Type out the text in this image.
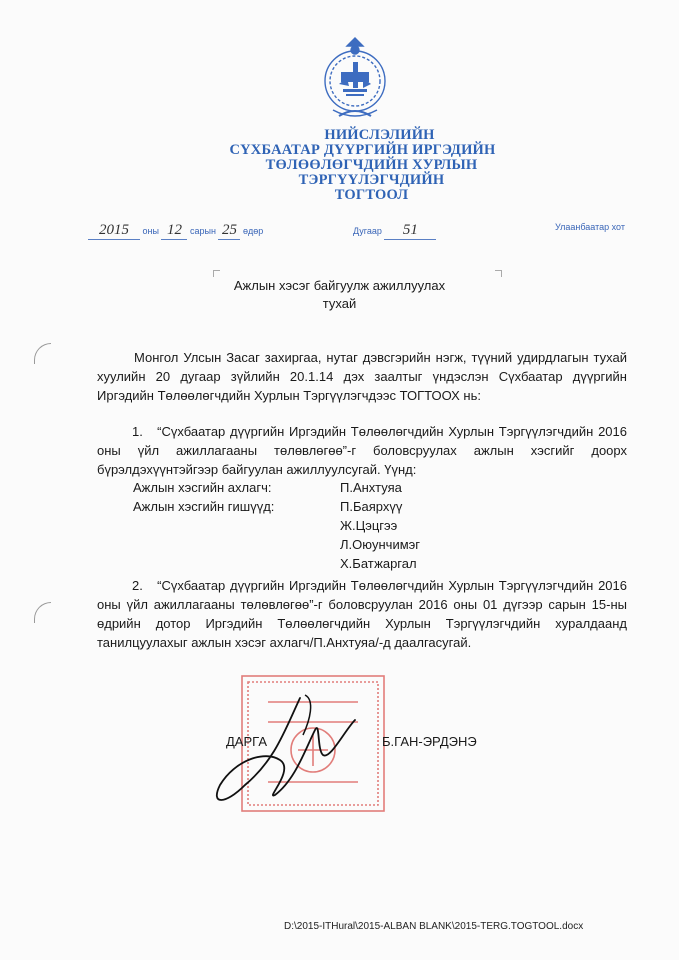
НИЙСЛЭЛИЙН
СҮХБААТАР ДҮҮРГИЙН ИРГЭДИЙН
ТӨЛӨӨЛӨГЧДИЙН ХУРЛЫН
ТЭРГҮҮЛЭГЧДИЙН
ТОГТООЛ
2015 оны 12 сарын 25 өдөр	Дугаар 51	Улаанбаатар хот
Ажлын хэсэг байгуулж ажиллуулах
тухай
Монгол Улсын Засаг захиргаа, нутаг дэвсгэрийн нэгж, түүний удирдлагын тухай хуулийн 20 дугаар зүйлийн 20.1.14 дэх заалтыг үндэслэн Сүхбаатар дүүргийн Иргэдийн Төлөөлөгчдийн Хурлын Тэргүүлэгчдээс ТОГТООХ нь:
1. “Сүхбаатар дүүргийн Иргэдийн Төлөөлөгчдийн Хурлын Тэргүүлэгчдийн 2016 оны үйл ажиллагааны төлөвлөгөө”-г боловсруулах ажлын хэсгийг доорх бүрэлдэхүүнтэйгээр байгуулан ажиллуулсугай. Үүнд:
Ажлын хэсгийн ахлагч:	П.Анхтуяа
Ажлын хэсгийн гишүүд:	П.Баярхүү
Ж.Цэцгээ
Л.Оюунчимэг
Х.Батжаргал
2. “Сүхбаатар дүүргийн Иргэдийн Төлөөлөгчдийн Хурлын Тэргүүлэгчдийн 2016 оны үйл ажиллагааны төлөвлөгөө”-г боловсруулан 2016 оны 01 дүгээр сарын 15-ны өдрийн дотор Иргэдийн Төлөөлөгчдийн Хурлын Тэргүүлэгчдийн хуралдаанд танилцуулахыг ажлын хэсэг ахлагч/П.Анхтуяа/-д даалгасугай.
ДАРГА	Б.ГАН-ЭРДЭНЭ
D:\2015-ITHural\2015-ALBAN BLANK\2015-TERG.TOGTOOL.docx
